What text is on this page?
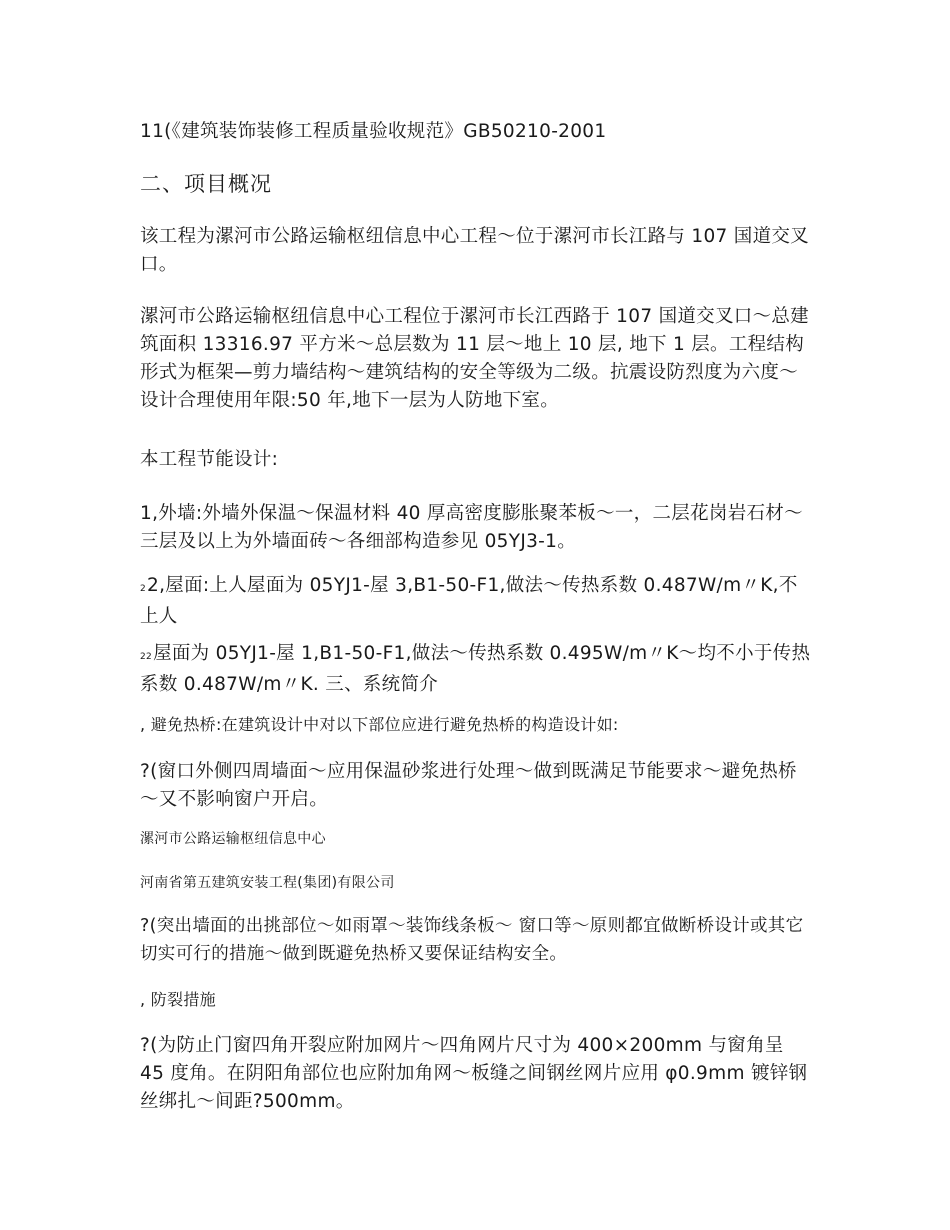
11(《建筑装饰装修工程质量验收规范》GB50210-2001

二、项目概况

该工程为漯河市公路运输枢纽信息中心工程～位于漯河市长江路与 107 国道交叉口。

漯河市公路运输枢纽信息中心工程位于漯河市长江西路于 107 国道交叉口～总建筑面积 13316.97 平方米～总层数为 11 层～地上 10 层, 地下 1 层。工程结构形式为框架—剪力墙结构～建筑结构的安全等级为二级。抗震设防烈度为六度～设计合理使用年限:50 年,地下一层为人防地下室。

本工程节能设计:

1,外墙:外墙外保温～保温材料 40 厚高密度膨胀聚苯板～一，二层花岗岩石材～三层及以上为外墙面砖～各细部构造参见 05YJ3-1。

22,屋面:上人屋面为 05YJ1-屋 3,B1-50-F1,做法～传热系数 0.487W/m〃K,不上人

22屋面为 05YJ1-屋 1,B1-50-F1,做法～传热系数 0.495W/m〃K～均不小于传热系数 0.487W/m〃K. 三、系统简介

, 避免热桥:在建筑设计中对以下部位应进行避免热桥的构造设计如:

?(窗口外侧四周墙面～应用保温砂浆进行处理～做到既满足节能要求～避免热桥～又不影响窗户开启。

漯河市公路运输枢纽信息中心

河南省第五建筑安装工程(集团)有限公司

?(突出墙面的出挑部位～如雨罩～装饰线条板～ 窗口等～原则都宜做断桥设计或其它切实可行的措施～做到既避免热桥又要保证结构安全。

, 防裂措施

?(为防止门窗四角开裂应附加网片～四角网片尺寸为 400×200mm 与窗角呈 45 度角。在阴阳角部位也应附加角网～板缝之间钢丝网片应用 φ0.9mm 镀锌钢丝绑扎～间距?500mm。
